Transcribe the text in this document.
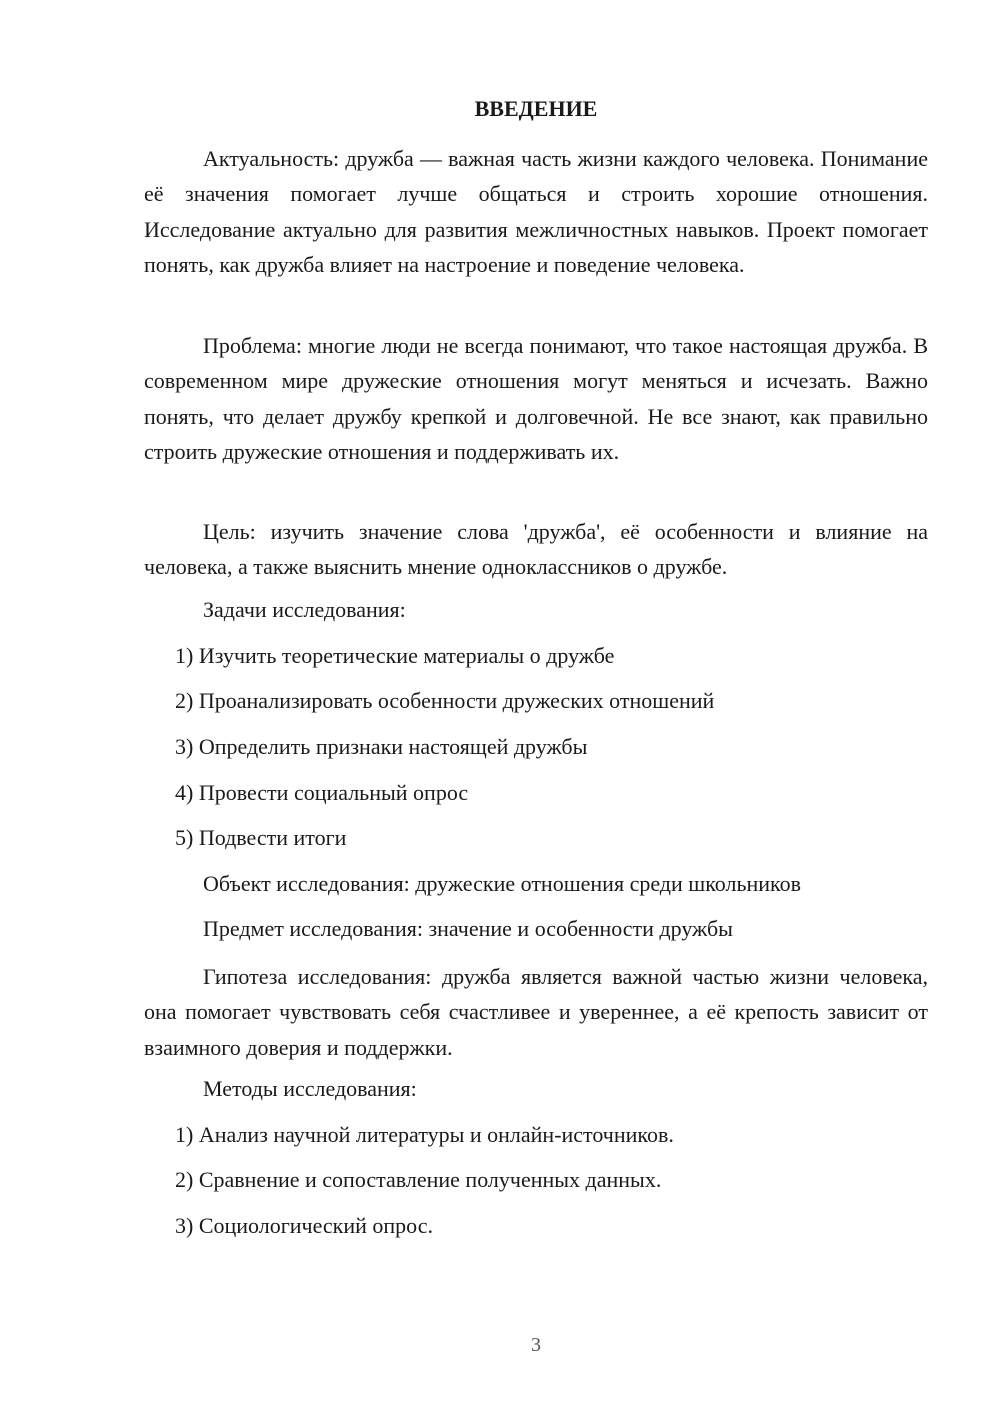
ВВЕДЕНИЕ

Актуальность: дружба — важная часть жизни каждого человека. Понимание её значения помогает лучше общаться и строить хорошие отношения. Исследование актуально для развития межличностных навыков. Проект помогает понять, как дружба влияет на настроение и поведение человека.

Проблема: многие люди не всегда понимают, что такое настоящая дружба. В современном мире дружеские отношения могут меняться и исчезать. Важно понять, что делает дружбу крепкой и долговечной. Не все знают, как правильно строить дружеские отношения и поддерживать их.

Цель: изучить значение слова 'дружба', её особенности и влияние на человека, а также выяснить мнение одноклассников о дружбе.

Задачи исследования:

1) Изучить теоретические материалы о дружбе

2) Проанализировать особенности дружеских отношений

3) Определить признаки настоящей дружбы

4) Провести социальный опрос

5) Подвести итоги

Объект исследования: дружеские отношения среди школьников

Предмет исследования: значение и особенности дружбы

Гипотеза исследования: дружба является важной частью жизни человека, она помогает чувствовать себя счастливее и увереннее, а её крепость зависит от взаимного доверия и поддержки.

Методы исследования:

1) Анализ научной литературы и онлайн-источников.

2) Сравнение и сопоставление полученных данных.

3) Социологический опрос.

3
